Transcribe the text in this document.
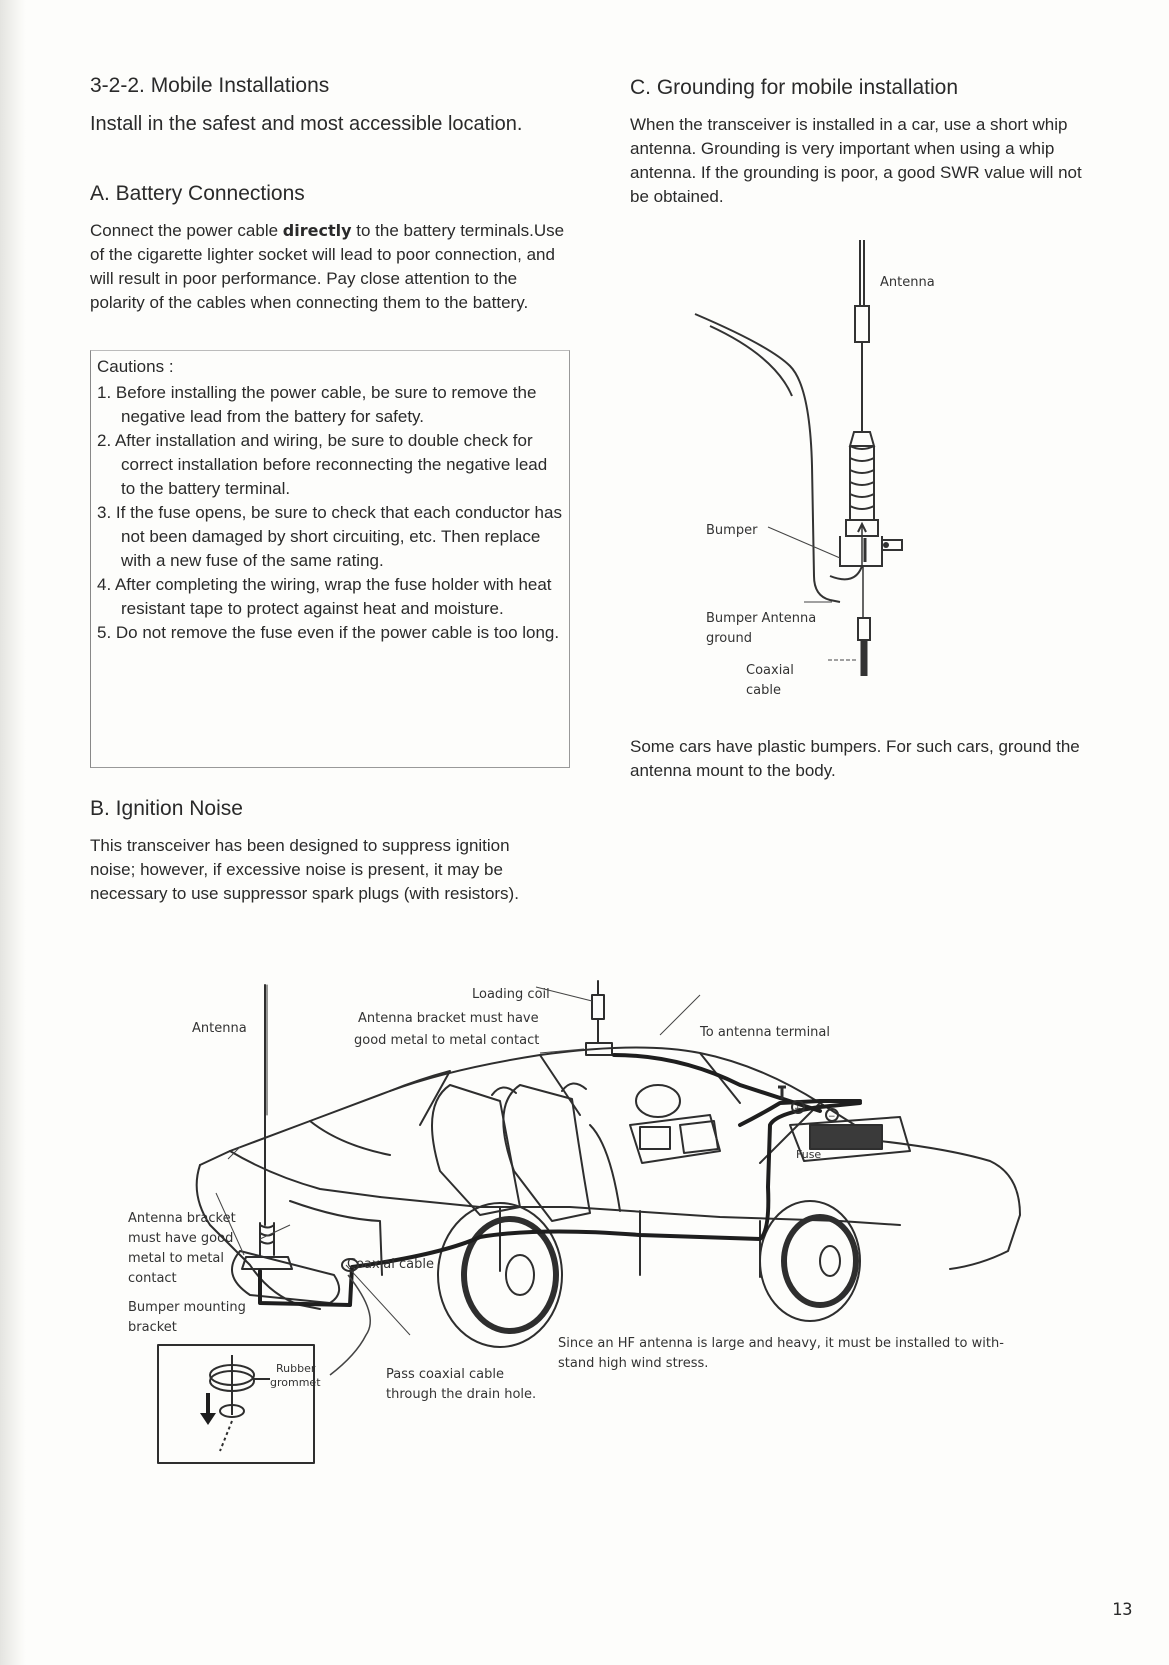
3-2-2. Mobile Installations
Install in the safest and most accessible location.
A. Battery Connections
Connect the power cable directly to the battery terminals.Use of the cigarette lighter socket will lead to poor connection, and will result in poor performance. Pay close attention to the polarity of the cables when connecting them to the battery.
Cautions :
1. Before installing the power cable, be sure to remove the negative lead from the battery for safety.
2. After installation and wiring, be sure to double check for correct installation before reconnecting the negative lead to the battery terminal.
3. If the fuse opens, be sure to check that each conductor has not been damaged by short circuiting, etc. Then replace with a new fuse of the same rating.
4. After completing the wiring, wrap the fuse holder with heat resistant tape to protect against heat and moisture.
5. Do not remove the fuse even if the power cable is too long.
B. Ignition Noise
This transceiver has been designed to suppress ignition noise; however, if excessive noise is present, it may be necessary to use suppressor spark plugs (with resistors).
C. Grounding for mobile installation
When the transceiver is installed in a car, use a short whip antenna. Grounding is very important when using a whip antenna. If the grounding is poor, a good SWR value will not be obtained.
Antenna
Bumper
Bumper Antenna
ground
Coaxial
cable
Some cars have plastic bumpers. For such cars, ground the antenna mount to the body.
+
−
Antenna
Loading coil
Antenna bracket must have
good metal to metal contact
To antenna terminal
Fuse
Antenna bracket
must have good
metal to metal
contact
Bumper mounting
bracket
Coaxial cable
Pass coaxial cable
through the drain hole.
Rubber
grommet
Since an HF antenna is large and heavy, it must be installed to with-
stand high wind stress.
13
